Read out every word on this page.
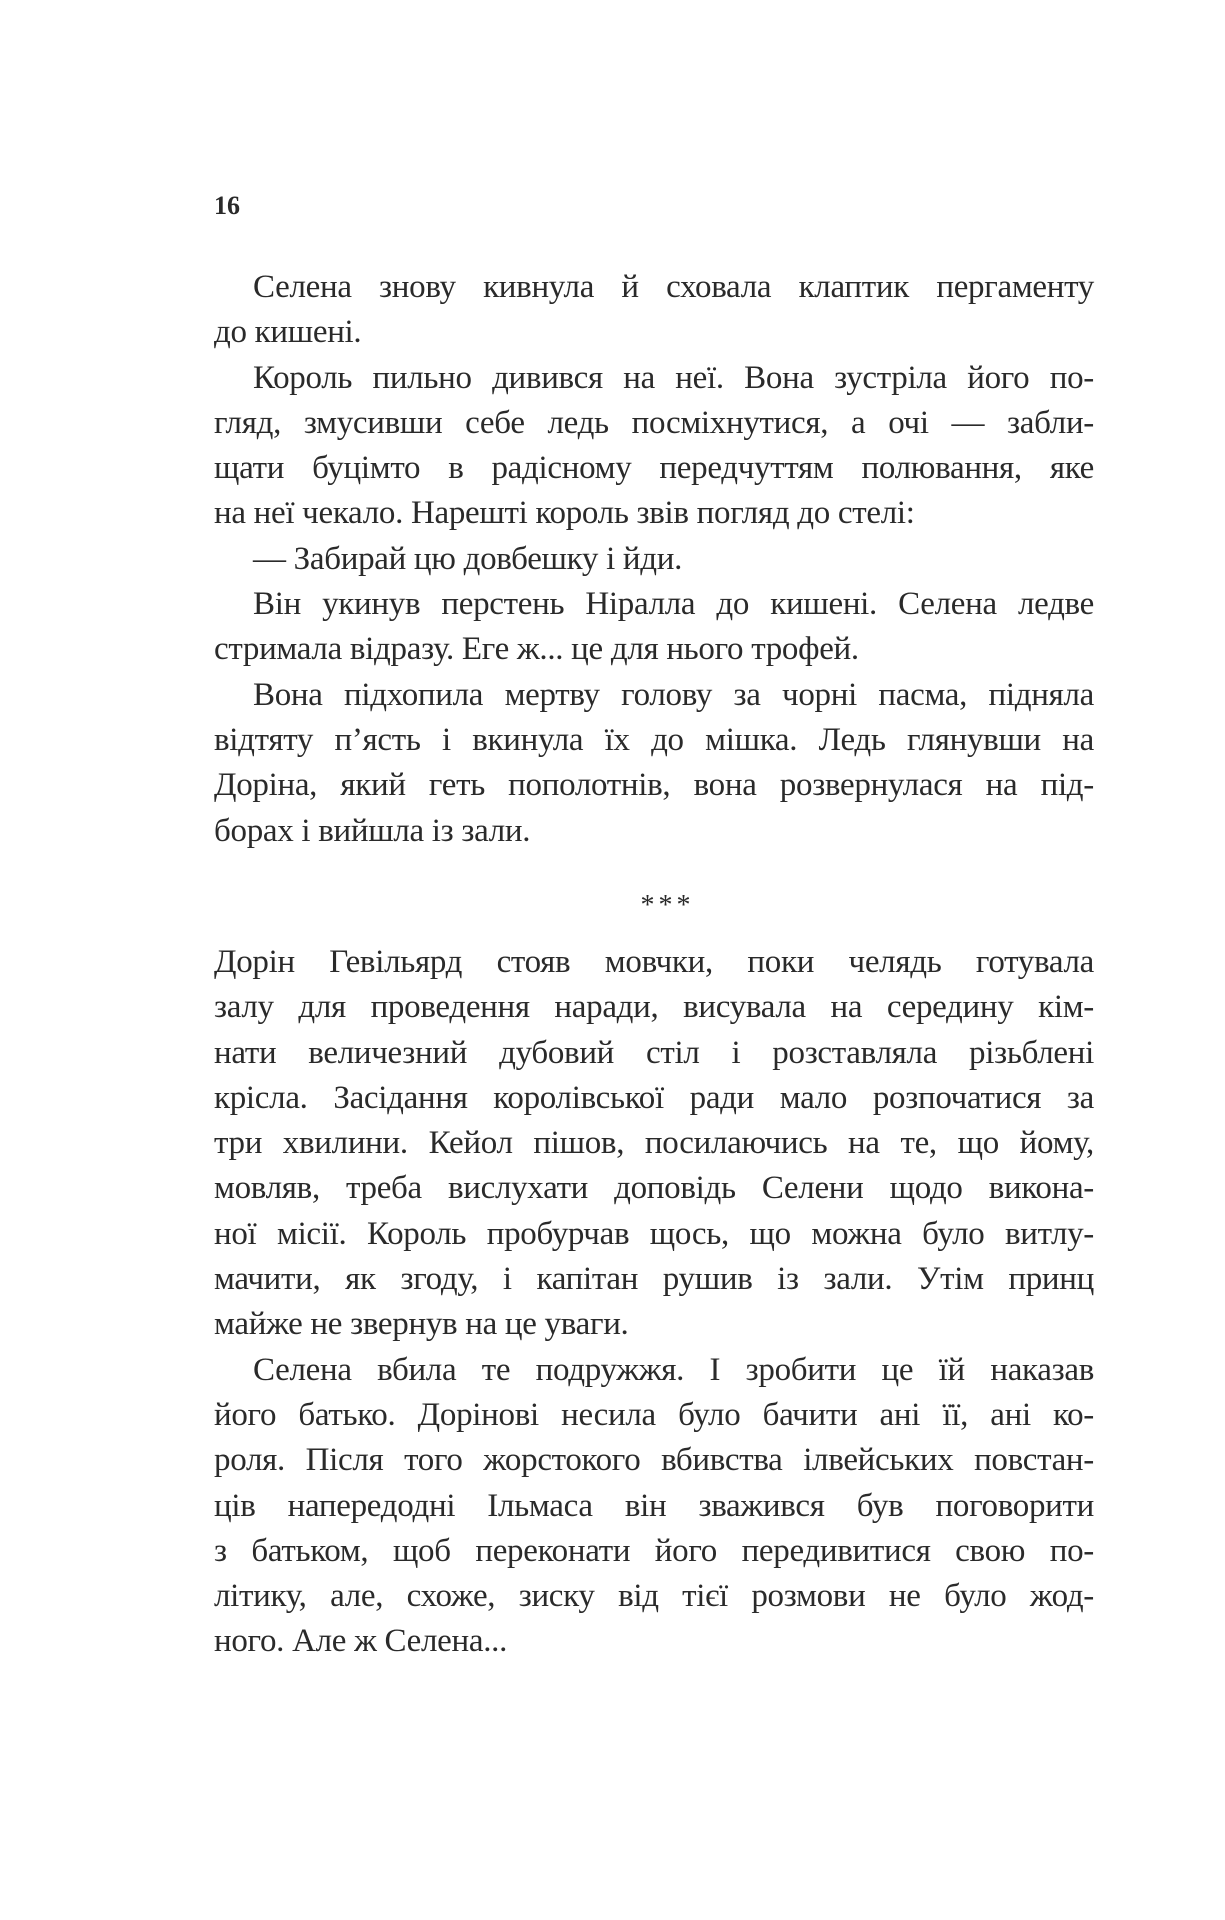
16
Селена знову кивнула й сховала клаптик пергаменту
до кишені.
Король пильно дивився на неї. Вона зустріла його по-
гляд, змусивши себе ледь посміхнутися, а очі — забли-
щати буцімто в радісному передчуттям полювання, яке
на неї чекало. Нарешті король звів погляд до стелі:
— Забирай цю довбешку і йди.
Він укинув перстень Ніралла до кишені. Селена ледве
стримала відразу. Еге ж... це для нього трофей.
Вона підхопила мертву голову за чорні пасма, підняла
відтяту п’ясть і вкинула їх до мішка. Ледь глянувши на
Доріна, який геть пополотнів, вона розвернулася на під-
борах і вийшла із зали.
***
Дорін Гевільярд стояв мовчки, поки челядь готувала
залу для проведення наради, висувала на середину кім-
нати величезний дубовий стіл і розставляла різьблені
крісла. Засідання королівської ради мало розпочатися за
три хвилини. Кейол пішов, посилаючись на те, що йому,
мовляв, треба вислухати доповідь Селени щодо викона-
ної місії. Король пробурчав щось, що можна було витлу-
мачити, як згоду, і капітан рушив із зали. Утім принц
майже не звернув на це уваги.
Селена вбила те подружжя. І зробити це їй наказав
його батько. Дорінові несила було бачити ані її, ані ко-
роля. Після того жорстокого вбивства ілвейських повстан-
ців напередодні Ільмаса він зважився був поговорити
з батьком, щоб переконати його передивитися свою по-
літику, але, схоже, зиску від тієї розмови не було жод-
ного. Але ж Селена...
